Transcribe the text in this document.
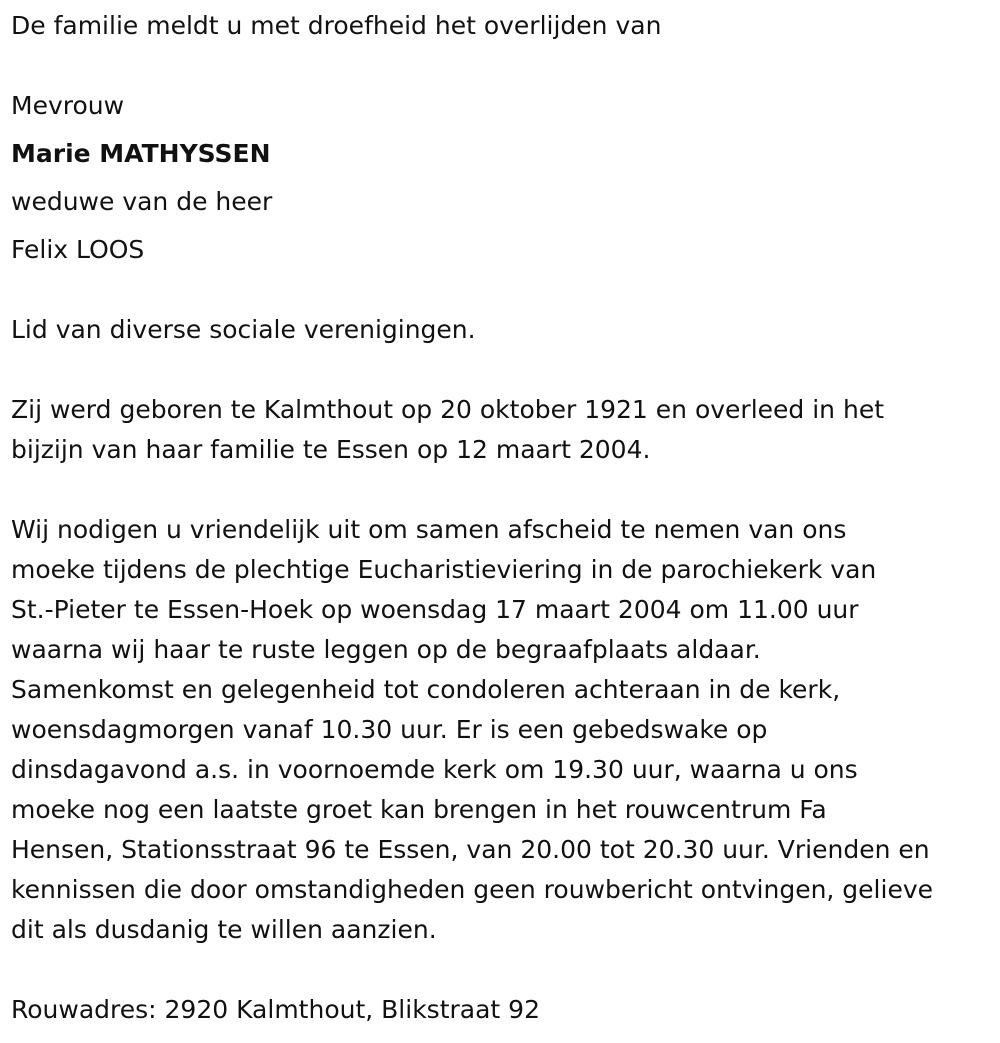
De familie meldt u met droefheid het overlijden van
Mevrouw
Marie MATHYSSEN
weduwe van de heer
Felix LOOS
Lid van diverse sociale verenigingen.
Zij werd geboren te Kalmthout op 20 oktober 1921 en overleed in het
bijzijn van haar familie te Essen op 12 maart 2004.
Wij nodigen u vriendelijk uit om samen afscheid te nemen van ons
moeke tijdens de plechtige Eucharistieviering in de parochiekerk van
St.-Pieter te Essen-Hoek op woensdag 17 maart 2004 om 11.00 uur
waarna wij haar te ruste leggen op de begraafplaats aldaar.
Samenkomst en gelegenheid tot condoleren achteraan in de kerk,
woensdagmorgen vanaf 10.30 uur. Er is een gebedswake op
dinsdagavond a.s. in voornoemde kerk om 19.30 uur, waarna u ons
moeke nog een laatste groet kan brengen in het rouwcentrum Fa
Hensen, Stationsstraat 96 te Essen, van 20.00 tot 20.30 uur. Vrienden en
kennissen die door omstandigheden geen rouwbericht ontvingen, gelieve
dit als dusdanig te willen aanzien.
Rouwadres: 2920 Kalmthout, Blikstraat 92
